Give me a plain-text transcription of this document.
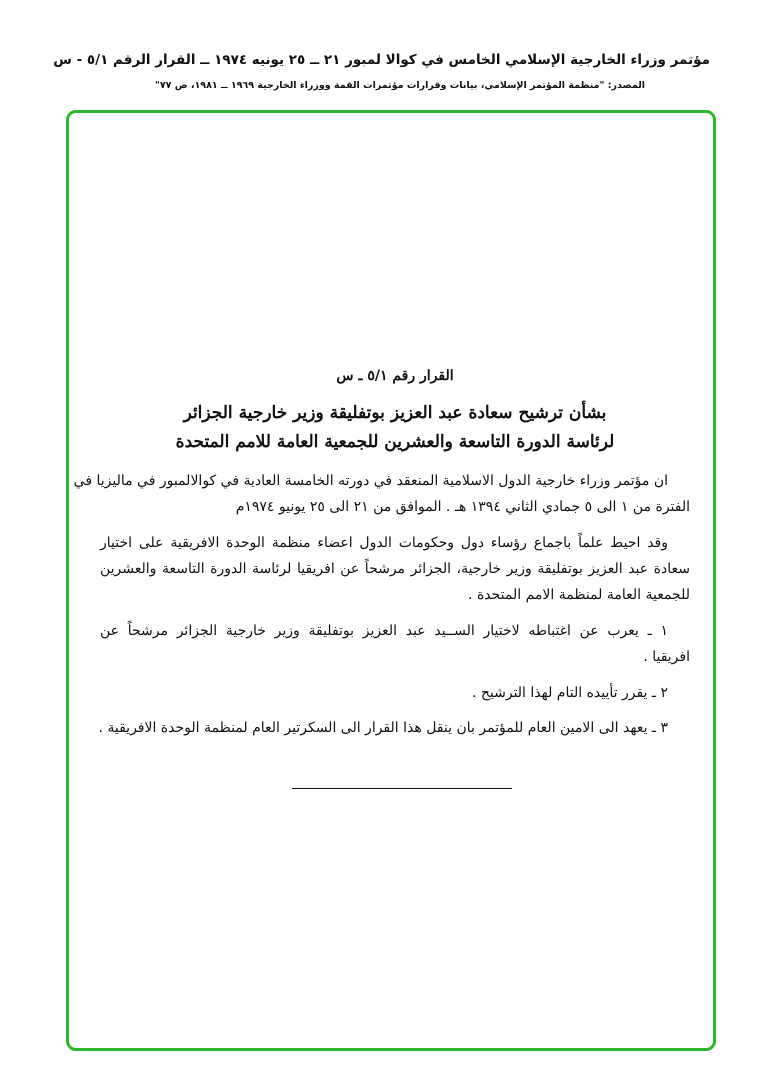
مؤتمر وزراء الخارجية الإسلامي الخامس في كوالا لمبور ٢١ ــ ٢٥ يونيه ١٩٧٤ ــ القرار الرقم ٥/١ - س
المصدر: "منظمة المؤتمر الإسلامي، بيانات وقرارات مؤتمرات القمة ووزراء الخارجية ١٩٦٩ ــ ١٩٨١، ص ٧٧"
القرار رقم ٥/١ ـ س
بشأن ترشيح سعادة عبد العزيز بوتفليقة وزير خارجية الجزائر
لرئاسة الدورة التاسعة والعشرين للجمعية العامة للامم المتحدة
ان مؤتمر وزراء خارجية الدول الاسلامية المنعقد في دورته الخامسة العادية في كوالالمبور في ماليزيا في
الفترة من ١ الى ٥ جمادي الثاني ١٣٩٤ هـ . الموافق من ٢١ الى ٢٥ يونيو ١٩٧٤م
وقد احيط علماً باجماع رؤساء دول وحكومات الدول اعضاء منظمة الوحدة الافريقية على اختيار
سعادة عبد العزيز بوتفليقة وزير خارجية، الجزائر مرشحاً عن افريقيا لرئاسة الدورة التاسعة والعشرين
للجمعية العامة لمنظمة الامم المتحدة .
١ ـ يعرب عن اغتباطه لاختيار الســيد عبد العزيز بوتفليقة وزير خارجية الجزائر مرشحاً عن
افريقيا .
٢ ـ يقرر تأييده التام لهذا الترشيح .
٣ ـ يعهد الى الامين العام للمؤتمر بان ينقل هذا القرار الى السكرتير العام لمنظمة الوحدة الافريقية .
